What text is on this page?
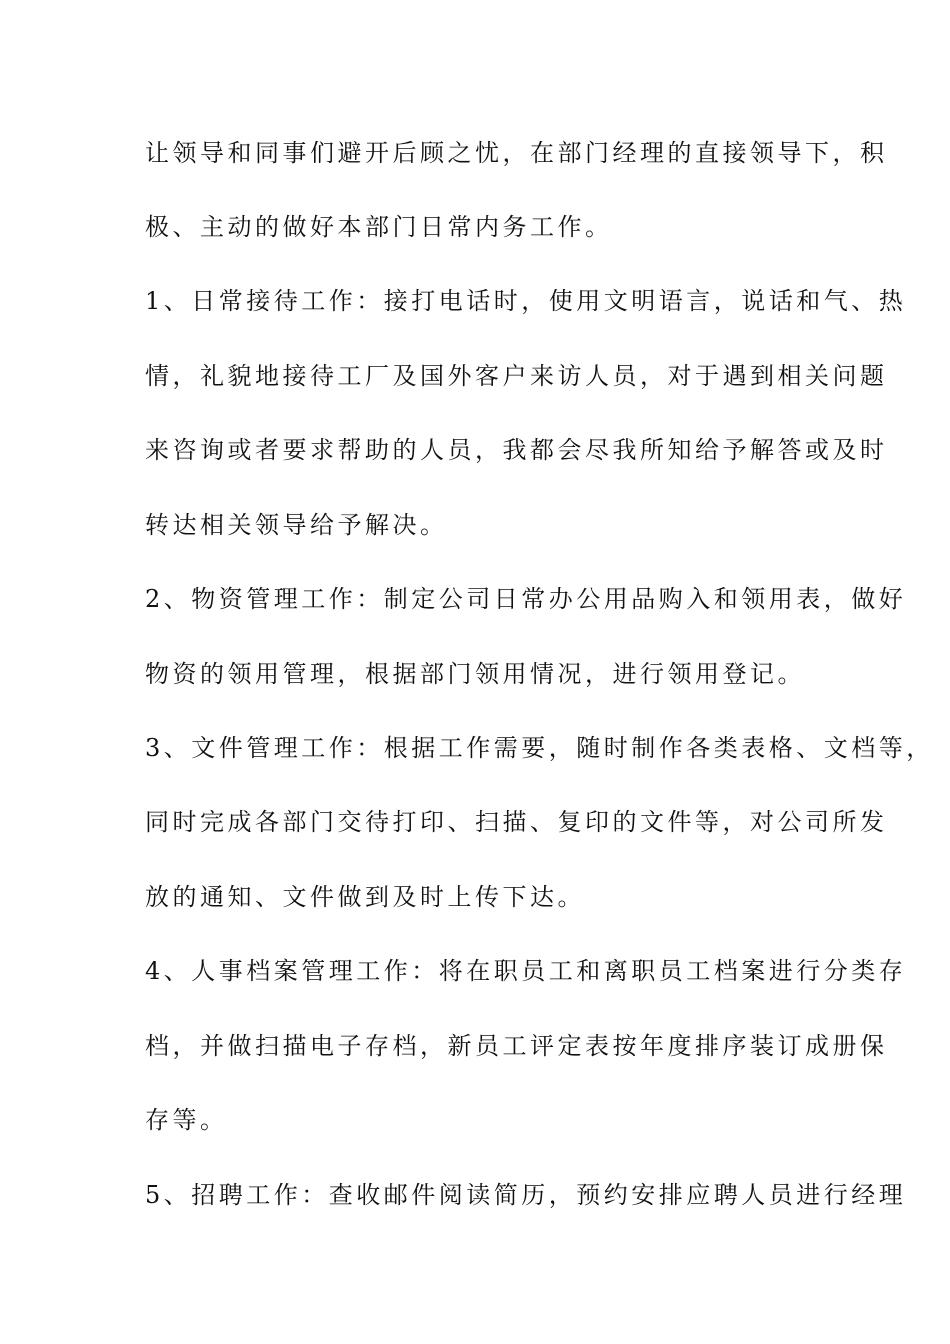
让领导和同事们避开后顾之忧，在部门经理的直接领导下，积
极、主动的做好本部门日常内务工作。
1、日常接待工作：接打电话时，使用文明语言，说话和气、热
情，礼貌地接待工厂及国外客户来访人员，对于遇到相关问题
来咨询或者要求帮助的人员，我都会尽我所知给予解答或及时
转达相关领导给予解决。
2、物资管理工作：制定公司日常办公用品购入和领用表，做好
物资的领用管理，根据部门领用情况，进行领用登记。
3、文件管理工作：根据工作需要，随时制作各类表格、文档等，
同时完成各部门交待打印、扫描、复印的文件等，对公司所发
放的通知、文件做到及时上传下达。
4、人事档案管理工作：将在职员工和离职员工档案进行分类存
档，并做扫描电子存档，新员工评定表按年度排序装订成册保
存等。
5、招聘工作：查收邮件阅读简历，预约安排应聘人员进行经理
